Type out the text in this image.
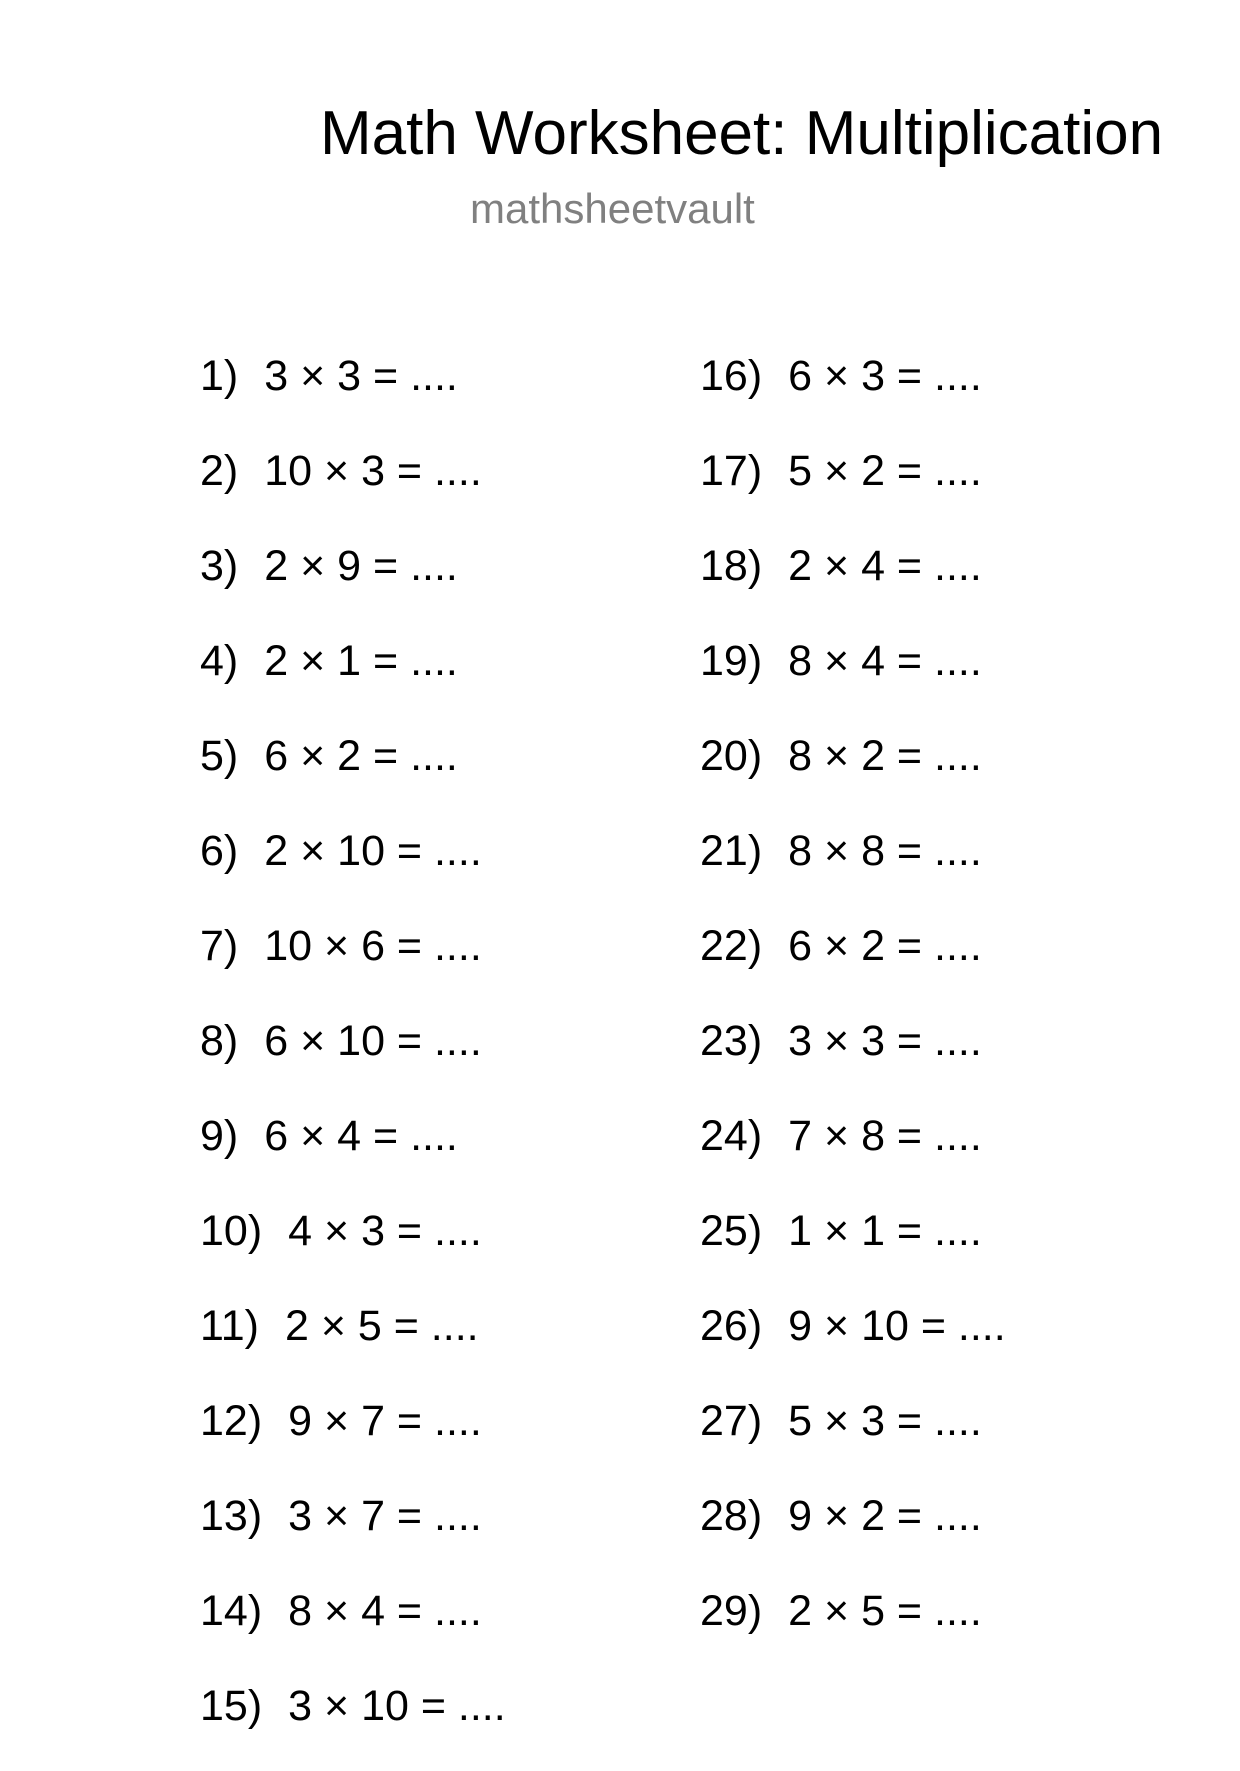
Math Worksheet: Multiplication
mathsheetvault
1) 3 × 3 = ....
2) 10 × 3 = ....
3) 2 × 9 = ....
4) 2 × 1 = ....
5) 6 × 2 = ....
6) 2 × 10 = ....
7) 10 × 6 = ....
8) 6 × 10 = ....
9) 6 × 4 = ....
10) 4 × 3 = ....
11) 2 × 5 = ....
12) 9 × 7 = ....
13) 3 × 7 = ....
14) 8 × 4 = ....
15) 3 × 10 = ....
16) 6 × 3 = ....
17) 5 × 2 = ....
18) 2 × 4 = ....
19) 8 × 4 = ....
20) 8 × 2 = ....
21) 8 × 8 = ....
22) 6 × 2 = ....
23) 3 × 3 = ....
24) 7 × 8 = ....
25) 1 × 1 = ....
26) 9 × 10 = ....
27) 5 × 3 = ....
28) 9 × 2 = ....
29) 2 × 5 = ....
